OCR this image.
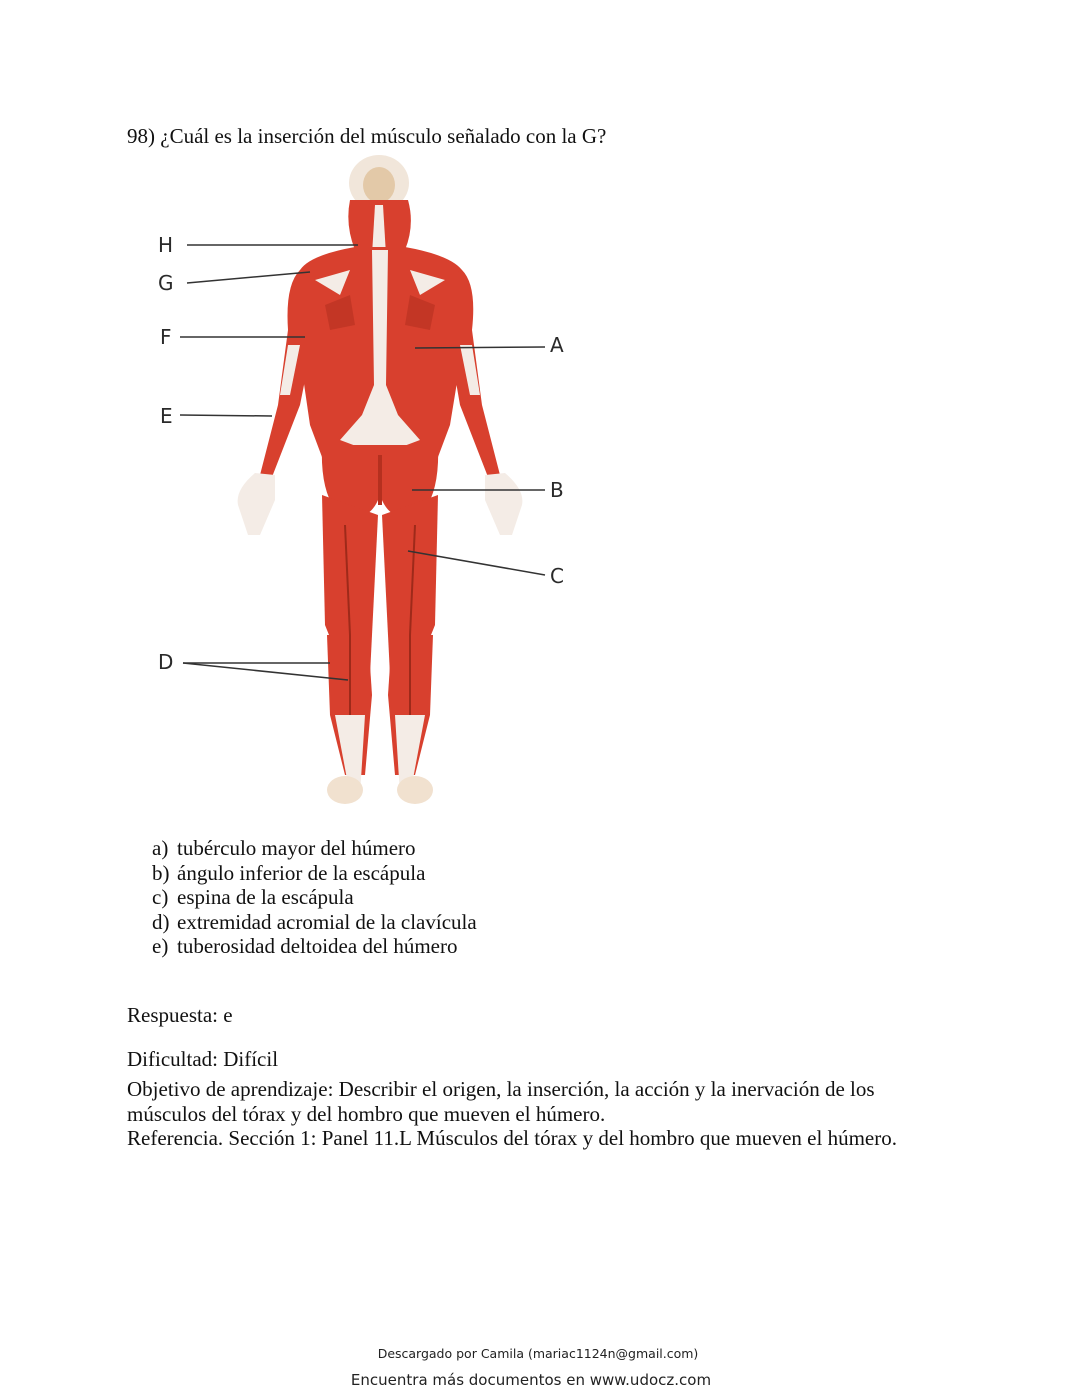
98) ¿Cuál es la inserción del músculo señalado con la G?
H
G
F
E
D
A
B
C
a) tubérculo mayor del húmero
b) ángulo inferior de la escápula
c) espina de la escápula
d) extremidad acromial de la clavícula
e) tuberosidad deltoidea del húmero
Respuesta: e
Dificultad: Difícil
Objetivo de aprendizaje: Describir el origen, la inserción, la acción y la inervación de los músculos del tórax y del hombro que mueven el húmero.
Referencia. Sección 1: Panel 11.L Músculos del tórax y del hombro que mueven el húmero.
Descargado por Camila (mariac1124n@gmail.com)
Encuentra más documentos en www.udocz.com
